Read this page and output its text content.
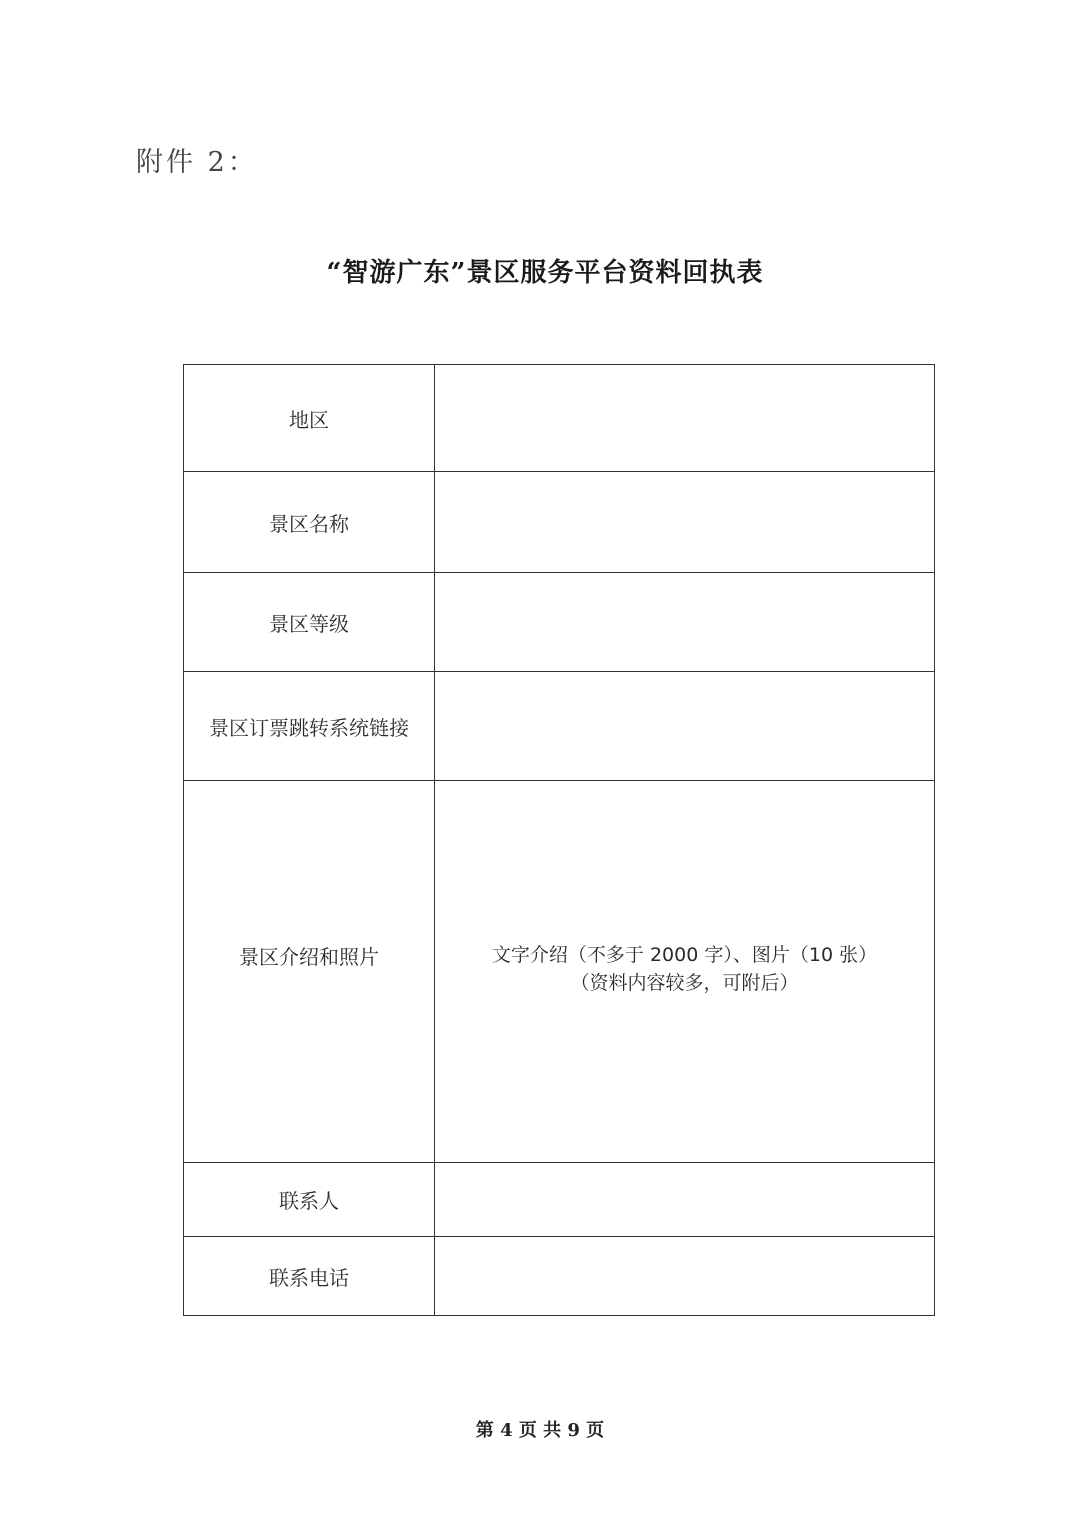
附件 2：
“智游广东”景区服务平台资料回执表
地区	
景区名称	
景区等级	
景区订票跳转系统链接	
景区介绍和照片	文字介绍（不多于 2000 字）、图片（10 张）
（资料内容较多，可附后）

联系人	
联系电话	
第 4 页 共 9 页
